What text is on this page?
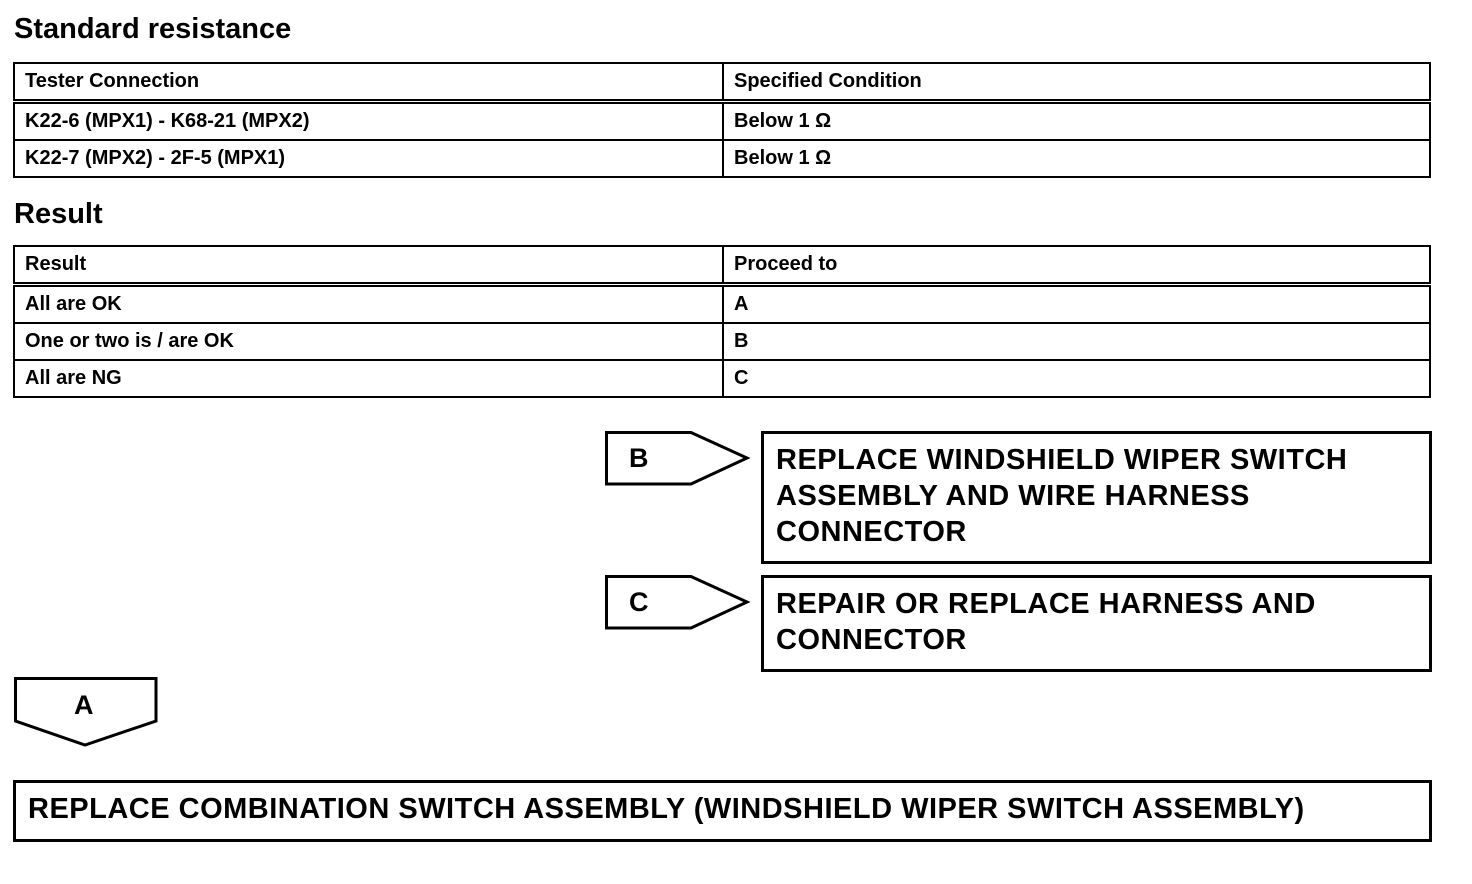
Standard resistance
Tester Connection	Specified Condition
K22-6 (MPX1) - K68-21 (MPX2)	Below 1 Ω
K22-7 (MPX2) - 2F-5 (MPX1)	Below 1 Ω
Result
Result	Proceed to
All are OK	A
One or two is / are OK	B
All are NG	C
B	REPLACE WINDSHIELD WIPER SWITCH ASSEMBLY AND WIRE HARNESS CONNECTOR
C	REPAIR OR REPLACE HARNESS AND CONNECTOR
A
REPLACE COMBINATION SWITCH ASSEMBLY (WINDSHIELD WIPER SWITCH ASSEMBLY)
